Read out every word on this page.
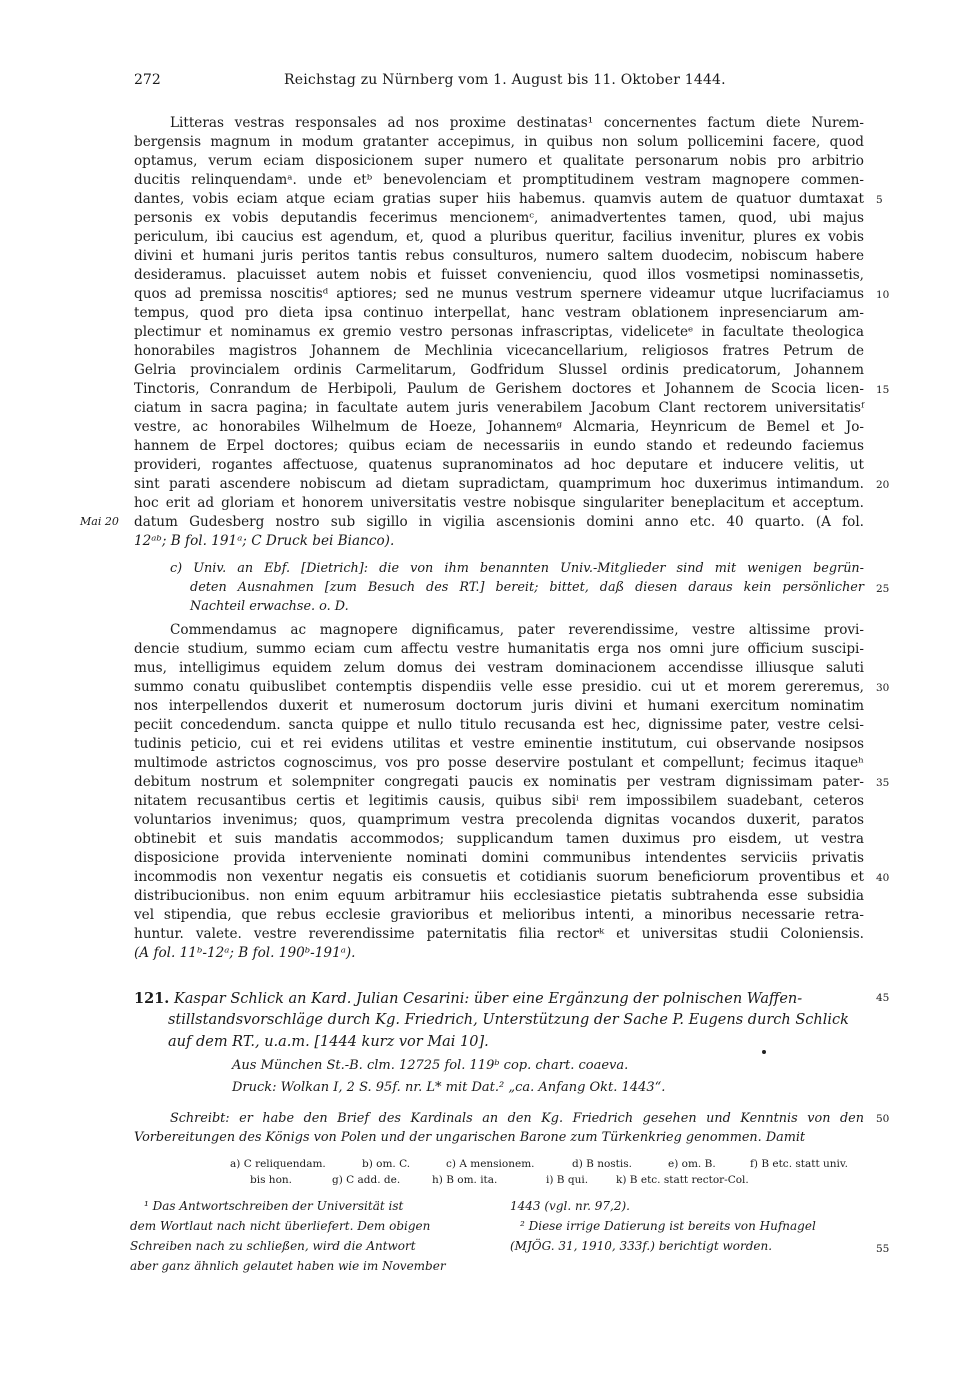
272	Reichstag zu Nürnberg vom 1. August bis 11. Oktober 1444.
Litteras vestras responsales ad nos proxime destinatas¹ concernentes factum diete Nurem-
bergensis magnum in modum gratanter accepimus, in quibus non solum pollicemini facere, quod
optamus, verum eciam disposicionem super numero et qualitate personarum nobis pro arbitrio
ducitis relinquendamᵃ. unde etᵇ benevolenciam et promptitudinem vestram magnopere commen-
dantes, vobis eciam atque eciam gratias super hiis habemus. quamvis autem de quatuor dumtaxat
personis ex vobis deputandis fecerimus mencionemᶜ, animadvertentes tamen, quod, ubi majus
periculum, ibi caucius est agendum, et, quod a pluribus queritur, facilius invenitur, plures ex vobis
divini et humani juris peritos tantis rebus consulturos, numero saltem duodecim, nobiscum habere
desideramus. placuisset autem nobis et fuisset convenienciu, quod illos vosmetipsi nominassetis,
quos ad premissa noscitisᵈ aptiores; sed ne munus vestrum spernere videamur utque lucrifaciamus
tempus, quod pro dieta ipsa continuo interpellat, hanc vestram oblationem inpresenciarum am-
plectimur et nominamus ex gremio vestro personas infrascriptas, videliceteᵉ in facultate theologica
honorabiles magistros Johannem de Mechlinia vicecancellarium, religiosos fratres Petrum de
Gelria provincialem ordinis Carmelitarum, Godfridum Slussel ordinis predicatorum, Johannem
Tinctoris, Conrandum de Herbipoli, Paulum de Gerishem doctores et Johannem de Scocia licen-
ciatum in sacra pagina; in facultate autem juris venerabilem Jacobum Clant rectorem universitatisᶠ
vestre, ac honorabiles Wilhelmum de Hoeze, Johannemᵍ Alcmaria, Heynricum de Bemel et Jo-
hannem de Erpel doctores; quibus eciam de necessariis in eundo stando et redeundo faciemus
provideri, rogantes affectuose, quatenus supranominatos ad hoc deputare et inducere velitis, ut
sint parati ascendere nobiscum ad dietam supradictam, quamprimum hoc duxerimus intimandum.
hoc erit ad gloriam et honorem universitatis vestre nobisque singulariter beneplacitum et acceptum.
datum Gudesberg nostro sub sigillo in vigilia ascensionis domini anno etc. 40 quarto. (A fol.
12ᵃᵇ; B fol. 191ᵃ; C Druck bei Bianco).
Mai 20
c) Univ. an Ebf. [Dietrich]: die von ihm benannten Univ.-Mitglieder sind mit wenigen begrün-
deten Ausnahmen [zum Besuch des RT.] bereit; bittet, daß diesen daraus kein persönlicher
Nachteil erwachse. o. D.
Commendamus ac magnopere dignificamus, pater reverendissime, vestre altissime provi-
dencie studium, summo eciam cum affectu vestre humanitatis erga nos omni jure officium suscipi-
mus, intelligimus equidem zelum domus dei vestram dominacionem accendisse illiusque saluti
summo conatu quibuslibet contemptis dispendiis velle esse presidio. cui ut et morem gereremus,
nos interpellendos duxerit et numerosum doctorum juris divini et humani exercitum nominatim
peciit concedendum. sancta quippe et nullo titulo recusanda est hec, dignissime pater, vestre celsi-
tudinis peticio, cui et rei evidens utilitas et vestre eminentie institutum, cui observande nosipsos
multimode astrictos cognoscimus, vos pro posse deservire postulant et compellunt; fecimus itaqueʰ
debitum nostrum et solempniter congregati paucis ex nominatis per vestram dignissimam pater-
nitatem recusantibus certis et legitimis causis, quibus sibiⁱ rem impossibilem suadebant, ceteros
voluntarios invenimus; quos, quamprimum vestra precolenda dignitas vocandos duxerit, paratos
obtinebit et suis mandatis accommodos; supplicandum tamen duximus pro eisdem, ut vestra
disposicione provida interveniente nominati domini communibus intendentes serviciis privatis
incommodis non vexentur negatis eis consuetis et cotidianis suorum beneficiorum proventibus et
distribucionibus. non enim equum arbitramur hiis ecclesiastice pietatis subtrahenda esse subsidia
vel stipendia, que rebus ecclesie gravioribus et melioribus intenti, a minoribus necessarie retra-
huntur. valete. vestre reverendissime paternitatis filia rectorᵏ et universitas studii Coloniensis.
(A fol. 11ᵇ-12ᵃ; B fol. 190ᵇ-191ᵃ).
121. Kaspar Schlick an Kard. Julian Cesarini: über eine Ergänzung der polnischen Waffen-
stillstandsvorschläge durch Kg. Friedrich, Unterstützung der Sache P. Eugens durch Schlick
auf dem RT., u.a.m. [1444 kurz vor Mai 10].
Aus München St.-B. clm. 12725 fol. 119ᵇ cop. chart. coaeva.
Druck: Wolkan I, 2 S. 95f. nr. L* mit Dat.² „ca. Anfang Okt. 1443“.
Schreibt: er habe den Brief des Kardinals an den Kg. Friedrich gesehen und Kenntnis von den
Vorbereitungen des Königs von Polen und der ungarischen Barone zum Türkenkrieg genommen. Damit
5
10
15
20
25
30
35
40
45
50
55
a) C reliquendam.	b) om. C.	c) A mensionem.	d) B nostis.	e) om. B.	f) B etc. statt univ.
bis hon.	g) C add. de.	h) B om. ita.	i) B qui.	k) B etc. statt rector-Col.
¹ Das Antwortschreiben der Universität ist
dem Wortlaut nach nicht überliefert. Dem obigen
Schreiben nach zu schließen, wird die Antwort
aber ganz ähnlich gelautet haben wie im November
1443 (vgl. nr. 97,2).
² Diese irrige Datierung ist bereits von Hufnagel
(MJÖG. 31, 1910, 333f.) berichtigt worden.
